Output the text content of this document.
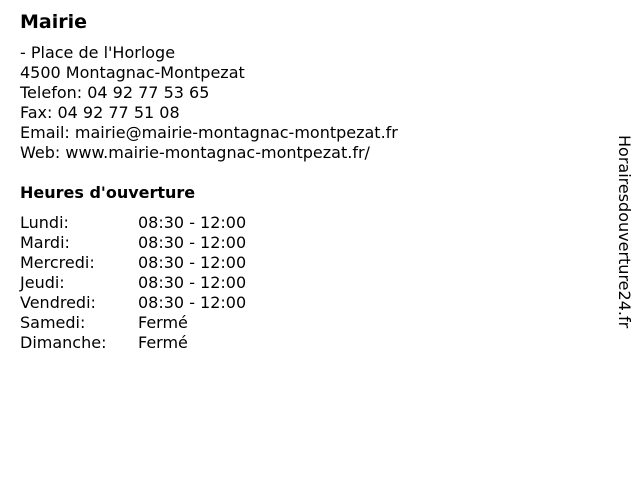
Mairie
- Place de l'Horloge
4500 Montagnac-Montpezat
Telefon: 04 92 77 53 65
Fax: 04 92 77 51 08
Email: mairie@mairie-montagnac-montpezat.fr
Web: www.mairie-montagnac-montpezat.fr/
Heures d'ouverture
Lundi:	08:30 - 12:00
Mardi:	08:30 - 12:00
Mercredi:	08:30 - 12:00
Jeudi:	08:30 - 12:00
Vendredi:	08:30 - 12:00
Samedi:	Fermé
Dimanche:	Fermé
Horairesdouverture24.fr
